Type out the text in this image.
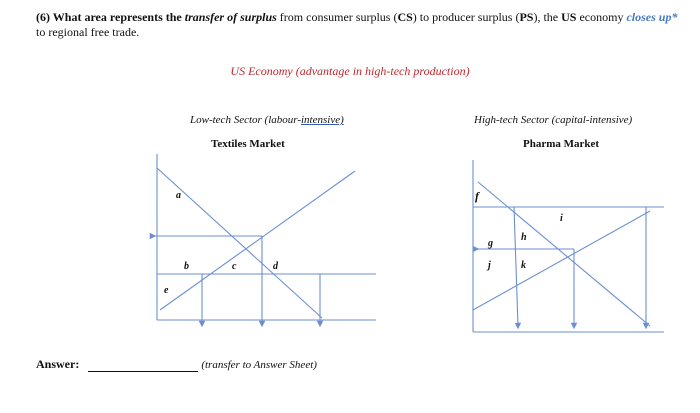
(6) What area represents the transfer of surplus from consumer surplus (CS) to producer surplus (PS), the US economy closes up* to regional free trade.
US Economy (advantage in high-tech production)
Low-tech Sector (labour-intensive)
Textiles Market
High-tech Sector (capital-intensive)
Pharma Market
a
b	c	d
e
f
g
h
i
j	k
Answer:	(transfer to Answer Sheet)
